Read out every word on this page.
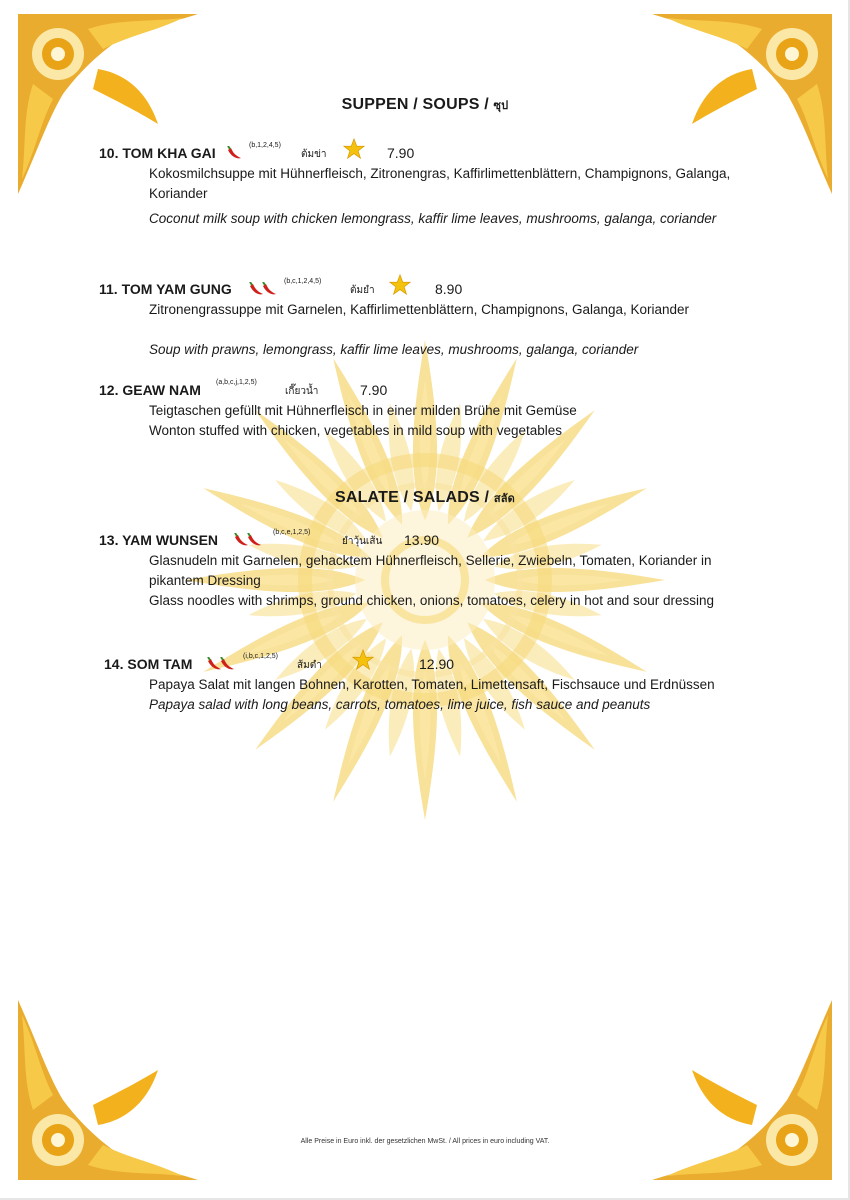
SUPPEN / SOUPS / ซุป
10. TOM KHA GAI	(b,1,2,4,5)
ต้มข่า	7.90
Kokosmilchsuppe mit Hühnerfleisch, Zitronengras, Kaffirlimettenblättern, Champignons, Galanga, Koriander
Coconut milk soup with chicken lemongrass, kaffir lime leaves, mushrooms, galanga, coriander
11. TOM YAM GUNG	(b,c,1,2,4,5)
ต้มยำ	8.90
Zitronengrassuppe mit Garnelen, Kaffirlimettenblättern, Champignons, Galanga, Koriander
Soup with prawns, lemongrass, kaffir lime leaves, mushrooms, galanga, coriander
12. GEAW NAM (a,b,c,j,1,2,5)
เกี๊ยวน้ำ	7.90
Teigtaschen gefüllt mit Hühnerfleisch in einer milden Brühe mit Gemüse
Wonton stuffed with chicken, vegetables in mild soup with vegetables
SALATE / SALADS / สลัด
13. YAM WUNSEN	(b,c,e,1,2,5)
ยำวุ้นเส้น 13.90
Glasnudeln mit Garnelen, gehacktem Hühnerfleisch, Sellerie, Zwiebeln, Tomaten, Koriander in pikantem Dressing
Glass noodles with shrimps, ground chicken, onions, tomatoes, celery in hot and sour dressing
14. SOM TAM	(i,b,c,1,2,5)
ส้มตำ	12.90
Papaya Salat mit langen Bohnen, Karotten, Tomaten, Limettensaft, Fischsauce und Erdnüssen
Papaya salad with long beans, carrots, tomatoes, lime juice, fish sauce and peanuts
Alle Preise in Euro inkl. der gesetzlichen MwSt. / All prices in euro including VAT.
